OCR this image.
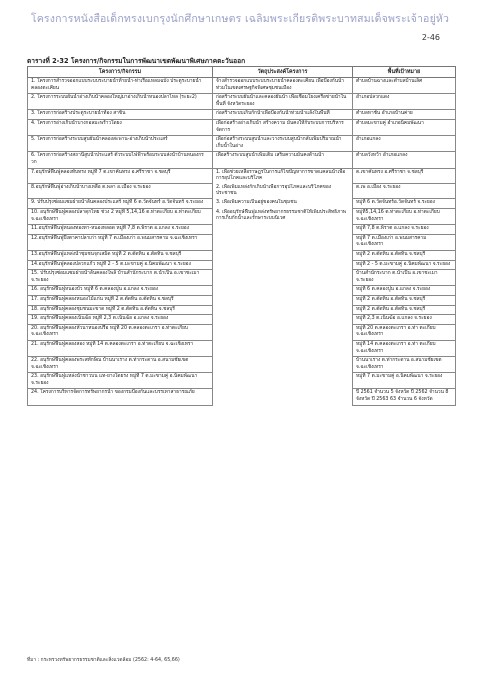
โครงการหนังสือเด็กทรงเบกรุงนักศึกษาเกษตร เฉลิมพระเกียรติพระบาทสมเด็จพระเจ้าอยู่หัว
2-46
ตารางที่ 2-32 โครงการ/กิจกรรมในการพัฒนาเขตพัฒนาพิเศษภาคตะวันออก
โครงการ/กิจกรรม	วัตถุประสงค์โครงการ	พื้นที่เป้าหมาย
1. โครงการสำรวจออกแบบระบบระบายน้ำท้ายน้ำ-ท่าเรือแหลมฉบัง ประตูระบายน้ำคลองตะเคียน	จ้างสำรวจออกแบบระบบระบายน้ำคลองตะเคียน เพื่อป้องกันน้ำท่วมในเขตเศรษฐกิจพิเศษชุมชนเมือง	ตำบลบ้านฉางและตำบลบ้านเลิศ
2. โครงการระบบผันน้ำอ่างเก็บน้ำคลองใหญ่มาอ่างเก็บน้ำหนองปลาไหล (ระยะ2)	ก่อสร้างระบบผันน้ำและคลองผันน้ำ เพื่อเชื่อมโยงเครือข่ายน้ำในพื้นที่ จังหวัดระยอง	อำเภอปลวกแดง
3. โครงการก่อสร้างประตูระบายน้ำท้อง สาขิน	ก่อสร้างระบบเก็บกักน้ำเพื่อป้องกันน้ำท่วมน้ำแล้งในพื้นที่	ตำบลหาชัน อำเภอบ้านค่าย
4. โครงการอ่างเก็บน้ำบางกอลมะพร้าวใดยง	เพื่อก่อสร้างอ่างเก็บน้ำ สร้างความ มั่นคงให้กับระบบการบริหารจัดการ	ตำบลมะขามคู่ อำเภอนิคมพัฒนา
5. โครงการก่อสร้างระบบสูบผันน้ำคลองสะพาน-อ่างเก็บน้ำประแสร์	เพื่อก่อสร้างระบบสูบน้ำและวางระบบสูบน้ำกลับเพิ่มปริมาณน้ำเก็บน้ำในอ่าง	อำเภอแกลง
6. โครงการก่อสร้างสถานีสูบน้ำประแสร์ ตัวระบบไฟฟ้าพร้อมระบบส่งน้ำบ้านหนองกรวก	เพื่อสร้างระบบสูบน้ำเพิ่มเติม เสริมความมั่นคงด้านน้ำ	ตำบลวังหว้า อำเภอแกลง
7.อนุรักษ์ฟื้นฟูคลองทับทรง หมู่ที่ 7 ต.เขาคันทรง อ.ศรีราชา จ.ชลบุรี	1. เพื่อช่วยเหลือราษฎรในการแก้ไขปัญหาการขาดแคลนน้ำเพื่อการอุปโภคและบริโภค	ต.เขาคันทรง อ.ศรีราชา จ.ชลบุรี
8.อนุรักษ์ฟื้นฟูอ่างเก็บน้ำบางเหลือ ต.พลา อ.เมือง จ.ระยอง	2. เพื่อเพิ่มแหล่งกักเก็บน้ำเพื่อการอุปโภคและบริโภคของประชาชน	ต.เพ อ.เมือง จ.ระยอง
9. ปรับปรุงซ่อมแซมฝายน้ำล้นคลองประแสร์ หมู่ที่ 6 ต.วัดจันทร์ อ.วัดจันทร์ จ.ระยอง	3. เพื่อเพิ่มความเป็นอยู่ของคนในชุมชน	หมู่ที่ 6 ต.วัดจันทร์อ.วัดจันทร์ จ.ระยอง
10. อนุรักษ์ฟื้นฟูคลองปลาดุกไทย ช่วง 2 หมู่ที่ 5,14,16 ต.ท่าตะเกียบ อ.ท่าตะเกียบ จ.ฉะเชิงเทรา	4. เพื่ออนุรักษ์ฟื้นฟูแหล่งทรัพยากรธรรมชาติให้เพิ่มประสิทธิภาพการเก็บกักน้ำและรักษาระบบนิเวศ	หมู่ที่5,14,16 ต.ท่าตะเกียบ อ.ท่าตะเกียบ จ.ฉะเชิงเทรา
11.อนุรักษ์ฟื้นฟูหนองทองทา-หนองหลอด หมู่ที่ 7,8 ต.พิราต อ.แกลง จ.ระยอง		หมู่ที่ 7,8 ต.พิราต อ.แกลง จ.ระยอง
12.อนุรักษ์ฟื้นฟูบึงตาคาปลาเก่า หมู่ที่ 7 ต.เมืองเก่า อ.พนมสารคาม จ.ฉะเชิงเทรา		หมู่ที่ 7 ต.เมืองเก่า อ.พนมสารคาม จ.ฉะเชิงเทรา
13.อนุรักษ์ฟื้นฟูแหล่งน้ำชุมชนจุกเสม็ด หมู่ที่ 2 ต.ตัดทิน อ.ตัดทิน จ.ชลบุรี		หมู่ที่ 2 ต.ตัดทิน อ.ตัดทิน จ.ชลบุรี
14.อนุรักษ์ฟื้นฟูคลองปลวกแก้ว หมู่ที่ 2 - 5 ต.มะขามคู่ อ.นิคมพัฒนา จ.ระยอง		หมู่ที่ 2 - 5 ต.มะขามคู่ อ.นิคมพัฒนา จ.ระยอง
15. ปรับปรุงซ่อมแซมฝายน้ำล้นคลองโพล้ บ้านสำนักระบาก ต.น้ำเป็น อ.เขาชะเมา จ.ระยอง		บ้านสำนักระบาก ต.น้ำเป็น อ.เขาชะเมา จ.ระยอง
16. อนุรักษ์ฟื้นฟูหนองบัว หมู่ที่ 6 ต.คลองปูน อ.แกลง จ.ระยอง		หมู่ที่ 6 ต.คลองปูน อ.แกลง จ.ระยอง
17. อนุรักษ์ฟื้นฟูคลองหนองไม้แก่น หมู่ที่ 2 ต.ตัดทิน อ.ตัดทิน จ.ชลบุรี		หมู่ที่ 2 ต.ตัดทิน อ.ตัดทิน จ.ชลบุรี
18. อนุรักษ์ฟื้นฟูคลองชุมชนมะขาด หมู่ที่ 2 ต.ตัดทิน อ.ตัดทิน จ.ชลบุรี		หมู่ที่ 2 ต.ตัดทิน อ.ตัดทิน จ.ชลบุรี
19. อนุรักษ์ฟื้นฟูคลองเนินฆ้อ หมู่ที่ 2,3 ต.เนินฆ้อ อ.แกลง จ.ระยอง		หมู่ที่ 2,3 ต.เนินฆ้อ อ.แกลง จ.ระยอง
20. อนุรักษ์ฟื้นฟูคลองหัวนาหนองปรือ หมู่ที่ 20 ต.คลองตะเกรา อ.ท่าตะเกียบ จ.ฉะเชิงเทรา		หมู่ที่ 20 ต.คลองตะเกรา อ.ท่า ตะเกียบ จ.ฉะเชิงเทรา
21. อนุรักษ์ฟื้นฟูคลองสอง หมู่ที่ 14 ต.คลองตะเกรา อ.ท่าตะเกียบ จ.ฉะเชิงเทรา		หมู่ที่ 14 ต.คลองตะเกรา อ.ท่า ตะเกียบ จ.ฉะเชิงเทรา
22. อนุรักษ์ฟื้นฟูคลองพระสทักษิณ บ้านนาเราง ต.ท่ากระดาน อ.สนามชัยเขต จ.ฉะเชิงเทรา		บ้านนาเราง ต.ท่ากระดาน อ.สนามชัยเขต จ.ฉะเชิงเทรา
23. อนุรักษ์ฟื้นฟูแหล่งน้ำชาวบน แท-ยางโดยรง หมู่ที่ 7 ต.มะขามคู่ อ.นิคมพัฒนา จ.ระยอง		หมู่ที่ 7 ต.มะขามคู่ อ.นิคมพัฒนา จ.ระยอง
24. โครงการบริหารจัดการทรัพยากรน้ำ ของกรมป้องกันและบรรเทาสาธารณภัย		ปี 2561 จำนวน 5 จังหวัด ปี 2562 จำนวน 8 จังหวัด ปี 2563 63 จำนวน 6 จังหวัด
ที่มา : กระทรวงทรัพยากรธรรมชาติและสิ่งแวดล้อม (2562: 4-64, 65,66)
